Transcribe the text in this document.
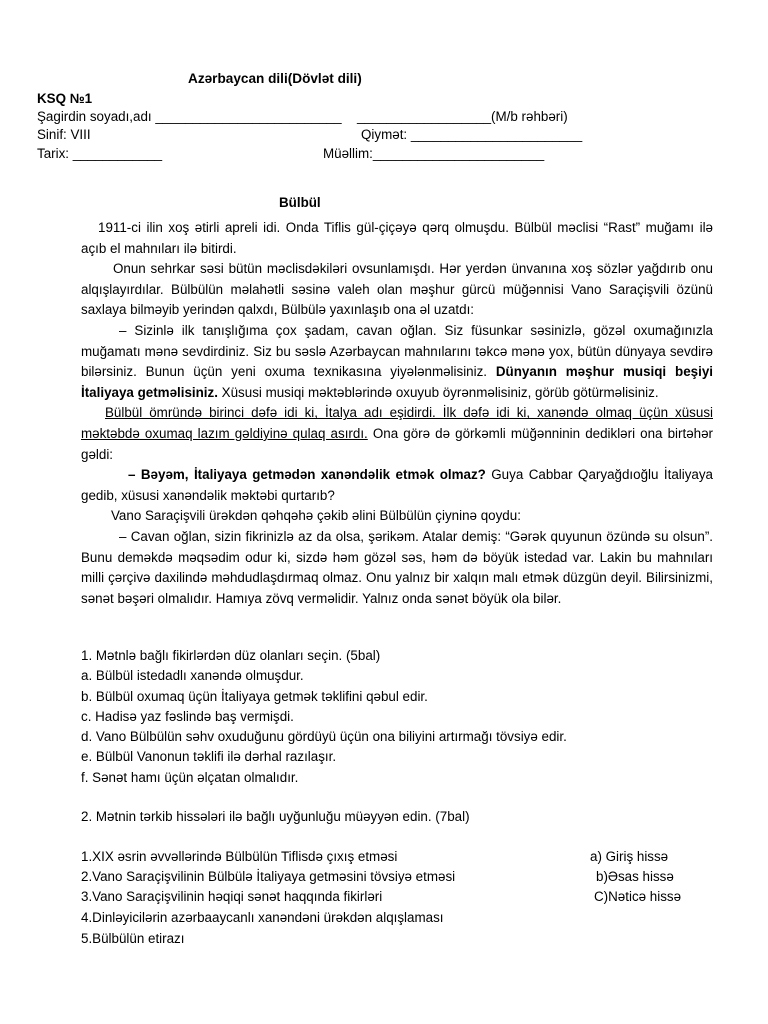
Azərbaycan dili(Dövlət dili)
KSQ №1
Şagirdin soyadı,adı _________________________ __________________(M/b rəhbəri)
Sinif: VIII	Qiymət: _______________________
Tarix: ____________	Müəllim:_______________________
Bülbül

1911-ci ilin xoş ətirli apreli idi. Onda Tiflis gül-çiçəyə qərq olmuşdu. Bülbül məclisi “Rast” muğamı ilə açıb el mahnıları ilə bitirdi.

Onun sehrkar səsi bütün məclisdəkiləri ovsunlamışdı. Hər yerdən ünvanına xoş sözlər yağdırıb onu alqışlayırdılar. Bülbülün məlahətli səsinə valeh olan məşhur gürcü müğənnisi Vano Saraçişvili özünü saxlaya bilməyib yerindən qalxdı, Bülbülə yaxınlaşıb ona əl uzatdı:

– Sizinlə ilk tanışlığıma çox şadam, cavan oğlan. Siz füsunkar səsinizlə, gözəl oxumağınızla muğamatı mənə sevdirdiniz. Siz bu səslə Azərbaycan mahnılarını təkcə mənə yox, bütün dünyaya sevdirə bilərsiniz. Bunun üçün yeni oxuma texnikasına yiyələnməlisiniz. Dünyanın məşhur musiqi beşiyi İtaliyaya getməlisiniz. Xüsusi musiqi məktəblərində oxuyub öyrənməlisiniz, görüb götürməlisiniz.

Bülbül ömründə birinci dəfə idi ki, İtalya adı eşidirdi. İlk dəfə idi ki, xanəndə olmaq üçün xüsusi məktəbdə oxumaq lazım gəldiyinə qulaq asırdı. Ona görə də görkəmli müğənninin dedikləri ona birtəhər gəldi:

– Bəyəm, İtaliyaya getmədən xanəndəlik etmək olmaz? Guya Cabbar Qaryağdıoğlu İtaliyaya gedib, xüsusi xanəndəlik məktəbi qurtarıb?

Vano Saraçişvili ürəkdən qəhqəhə çəkib əlini Bülbülün çiyninə qoydu:

– Cavan oğlan, sizin fikrinizlə az da olsa, şərikəm. Atalar demiş: “Gərək quyunun özündə su olsun”. Bunu deməkdə məqsədim odur ki, sizdə həm gözəl səs, həm də böyük istedad var. Lakin bu mahnıları milli çərçivə daxilində məhdudlaşdırmaq olmaz. Onu yalnız bir xalqın malı etmək düzgün deyil. Bilirsinizmi, sənət bəşəri olmalıdır. Hamıya zövq verməlidir. Yalnız onda sənət böyük ola bilər.

1. Mətnlə bağlı fikirlərdən düz olanları seçin. (5bal)
a. Bülbül istedadlı xanəndə olmuşdur.
b. Bülbül oxumaq üçün İtaliyaya getmək təklifini qəbul edir.
c. Hadisə yaz fəslində baş vermişdi.
d. Vano Bülbülün səhv oxuduğunu gördüyü üçün ona biliyini artırmağı tövsiyə edir.
e. Bülbül Vanonun təklifi ilə dərhal razılaşır.
f. Sənət hamı üçün əlçatan olmalıdır.
2. Mətnin tərkib hissələri ilə bağlı uyğunluğu müəyyən edin. (7bal)
1.XIX əsrin əvvəllərində Bülbülün Tiflisdə çıxış etməsi	a) Giriş hissə
2.Vano Saraçişvilinin Bülbülə İtaliyaya getməsini tövsiyə etməsi	b)Əsas hissə
3.Vano Saraçişvilinin həqiqi sənət haqqında fikirləri	C)Nəticə hissə
4.Dinləyicilərin azərbaaycanlı xanəndəni ürəkdən alqışlaması
5.Bülbülün etirazı
